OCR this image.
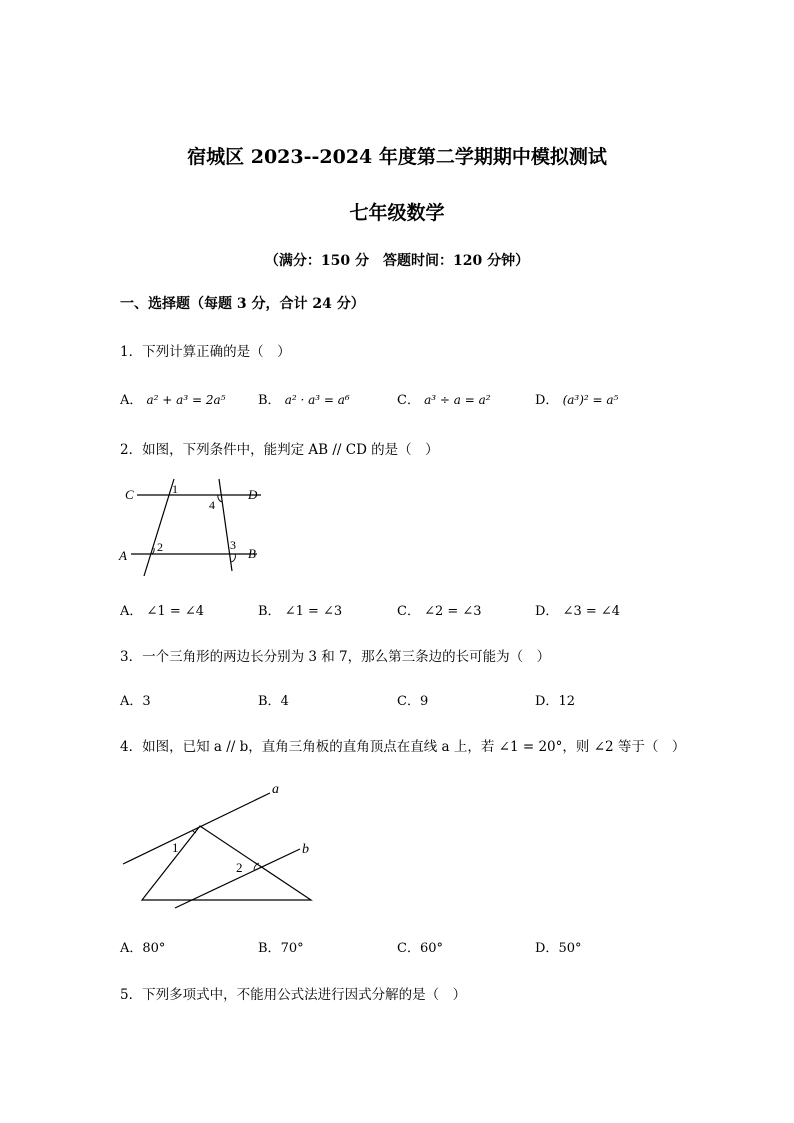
宿城区 2023--2024 年度第二学期期中模拟测试
七年级数学
（满分：150 分　答题时间：120 分钟）
一、选择题（每题 3 分，合计 24 分）
1．下列计算正确的是（　）
A． a² + a³ = 2a⁵	B． a² · a³ = a⁶	C． a³ ÷ a = a²	D． (a³)² = a⁵
2．如图，下列条件中，能判定 AB // CD 的是（　）
C	D
A	B
1
2	3
4
A． ∠1 = ∠4	B． ∠1 = ∠3	C． ∠2 = ∠3	D． ∠3 = ∠4
3．一个三角形的两边长分别为 3 和 7，那么第三条边的长可能为（　）
A．3	B．4	C．9	D．12
4．如图，已知 a // b，直角三角板的直角顶点在直线 a 上，若 ∠1 = 20°，则 ∠2 等于（　）
a
b
1
2
A．80°	B．70°	C．60°	D．50°
5．下列多项式中，不能用公式法进行因式分解的是（　）
